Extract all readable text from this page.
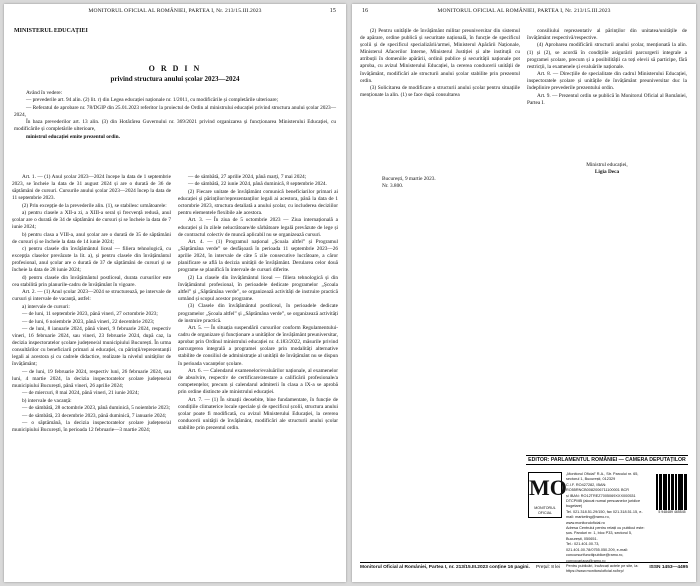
MONITORUL OFICIAL AL ROMÂNIEI, PARTEA I, Nr. 213/15.III.2023	15
MINISTERUL EDUCAȚIEI
O R D I N
privind structura anului școlar 2023—2024

Având în vedere:

— prevederile art. 94 alin. (2) lit. r) din Legea educației naționale nr. 1/2011, cu modificările și completările ulterioare;

— Referatul de aprobare nr. 78/DGIP din 25.01.2023 referitor la proiectul de Ordin al ministrului educației privind structura anului școlar 2023—2024,

În baza prevederilor art. 13 alin. (3) din Hotărârea Guvernului nr. 369/2021 privind organizarea și funcționarea Ministerului Educației, cu modificările și completările ulterioare,

ministrul educației emite prezentul ordin.

Art. 1. — (1) Anul școlar 2023—2024 începe la data de 1 septembrie 2023, se încheie la data de 31 august 2024 și are o durată de 36 de săptămâni de cursuri. Cursurile anului școlar 2023—2024 încep la data de 11 septembrie 2023.

(2) Prin excepție de la prevederile alin. (1), se stabilesc următoarele:

a) pentru clasele a XII-a zi, a XIII-a seral și frecvență redusă, anul școlar are o durată de 34 de săptămâni de cursuri și se încheie la data de 7 iunie 2024;

b) pentru clasa a VIII-a, anul școlar are o durată de 35 de săptămâni de cursuri și se încheie la data de 14 iunie 2024;

c) pentru clasele din învățământul liceal — filiera tehnologică, cu excepția claselor prevăzute la lit. a), și pentru clasele din învățământul profesional, anul școlar are o durată de 37 de săptămâni de cursuri și se încheie la data de 28 iunie 2024;

d) pentru clasele din învățământul postliceal, durata cursurilor este cea stabilită prin planurile-cadru de învățământ în vigoare.

Art. 2. — (1) Anul școlar 2023—2024 se structurează, pe intervale de cursuri și intervale de vacanță, astfel:

a) intervale de cursuri:

— de luni, 11 septembrie 2023, până vineri, 27 octombrie 2023;

— de luni, 6 noiembrie 2023, până vineri, 22 decembrie 2023;

— de luni, 8 ianuarie 2024, până vineri, 9 februarie 2024, respectiv vineri, 16 februarie 2024, sau vineri, 23 februarie 2024, după caz, la decizia inspectoratelor școlare județene/al municipiului București. În urma consultărilor cu beneficiarii primari ai educației, cu părinții/reprezentanții legali ai acestora și cu cadrele didactice, realizate la nivelul unităților de învățământ;

— de luni, 19 februarie 2024, respectiv luni, 26 februarie 2024, sau luni, 4 martie 2024, la decizia inspectoratelor școlare județene/al municipiului București, până vineri, 26 aprilie 2024;

— de miercuri, 8 mai 2024, până vineri, 21 iunie 2024;

b) intervale de vacanță:

— de sâmbătă, 28 octombrie 2023, până duminică, 5 noiembrie 2023;

— de sâmbătă, 23 decembrie 2023, până duminică, 7 ianuarie 2024;

— o săptămână, la decizia inspectoratelor școlare județene/al municipiului București, în perioada 12 februarie—3 martie 2024;

— de sâmbătă, 27 aprilie 2024, până marți, 7 mai 2024;

— de sâmbătă, 22 iunie 2024, până duminică, 8 septembrie 2024.

(2) Fiecare unitate de învățământ comunică beneficiarilor primari ai educației și părinților/reprezentanților legali ai acestora, până la data de 1 octombrie 2023, structura detaliată a anului școlar, cu includerea deciziilor pentru elementele flexibile ale acestora.

Art. 3. — În ziua de 5 octombrie 2023 — Ziua internațională a educației și în zilele nelucrătoare/de sărbătoare legală prevăzute de lege și de contractul colectiv de muncă aplicabil nu se organizează cursuri.

Art. 4. — (1) Programul național „Școala altfel” și Programul „Săptămâna verde” se desfășoară în perioada 11 septembrie 2023—26 aprilie 2024, în intervale de câte 5 zile consecutive lucrătoare, a căror planificare se află la decizia unității de învățământ. Derularea celor două programe se planifică în intervale de cursuri diferite.

(2) La clasele din învățământul liceal — filiera tehnologică și din învățământul profesional, în perioadele dedicate programelor „Școala altfel” și „Săptămâna verde”, se organizează activități de instruire practică urmând și scopul acestor programe.

(3) Clasele din învățământul postliceal, în perioadele dedicate programelor „Școala altfel” și „Săptămâna verde”, se organizează activități de instruire practică.

Art. 5. — În situația suspendării cursurilor conform Regulamentului-cadru de organizare și funcționare a unităților de învățământ preuniversitar, aprobat prin Ordinul ministrului educației nr. 4.183/2022, măsurile privind parcurgerea integrală a programei școlare prin modalități alternative stabilite de consiliul de administrație al unității de învățământ nu se dispun în perioada vacanțelor școlare.

Art. 6. — Calendarul examenelor/evaluărilor naționale, al examenelor de absolvire, respectiv de certificare/atestare a calificării profesionale/a competențelor, precum și calendarul admiterii în clasa a IX-a se aprobă prin ordine distincte ale ministrului educației.

Art. 7. — (1) În situații deosebite, bine fundamentate, în funcție de condițiile climaterice locale speciale și de specificul școlii, structura anului școlar poate fi modificată, cu avizul Ministerului Educației, la cererea conducerii unității de învățământ, modificări ale structurii anului școlar stabilite prin prezentul ordin.

16	MONITORUL OFICIAL AL ROMÂNIEI, PARTEA I, Nr. 213/15.III.2023

(2) Pentru unitățile de învățământ militar preuniversitar din sistemul de apărare, ordine publică și securitate națională, în funcție de specificul școlii și de specificul specializării/armei, Ministerul Apărării Naționale, Ministerul Afacerilor Interne, Ministerul Justiției și alte instituții cu atribuții în domeniile apărării, ordinii publice și securității naționale pot aproba, cu avizul Ministerului Educației, la cererea conducerii unității de învățământ, modificări ale structurii anului școlar stabilite prin prezentul ordin.

(3) Solicitarea de modificare a structurii anului școlar pentru situațiile menționate la alin. (1) se face după consultarea

consiliului reprezentativ al părinților din unitatea/unitățile de învățământ respectivă/respective.

(4) Aprobarea modificării structurii anului școlar, menționată la alin. (1) și (2), se acordă în condițiile asigurării parcurgerii integrale a programei școlare, precum și a posibilității ca toți elevii să participe, fără restricții, la examenele și evaluările naționale.

Art. 8. — Direcțiile de specialitate din cadrul Ministerului Educației, inspectoratele școlare și unitățile de învățământ preuniversitar duc la îndeplinire prevederile prezentului ordin.

Art. 9. — Prezentul ordin se publică în Monitorul Oficial al României, Partea I.

Ministrul educației,
Ligia Deca
București, 9 martie 2023.
Nr. 3.800.
EDITOR: PARLAMENTUL ROMÂNIEI — CAMERA DEPUTAȚILOR
MO
MONITORUL
OFICIAL
„Monitorul Oficial” R.A., Str. Parcului nr. 65, sectorul 1, București, 012329
C.I.F. RO427282, IBAN: RO55RNCB0082006711100001 BCR
și IBAN: RO12TREZ7005069XXX000531 DTCPMB (alocat numai persoanelor juridice bugetare)
Tel. 021.318.51.29/150, fax 021.318.51.15, e-mail: marketing@ramo.ro, www.monitoruloficial.ro
Adresa Centrului pentru relații cu publicul este: șos. Panduri nr. 1, bloc P33, sectorul 5, București, 050651.
Tel.: 021.401.00.73, 021.401.00.78/0755.050.209, e-mail: concursurifunctiipublice@ramo.ro, convocariaga@ramo.ro
Pentru publicări, încărcați actele pe site, la: https://www.monitoruloficial.ro/brp/
5 948489 465545
Monitorul Oficial al României, Partea I, nr. 213/15.III.2023 conține 16 pagini. Prețul: 8 lei	ISSN 1453—4495
